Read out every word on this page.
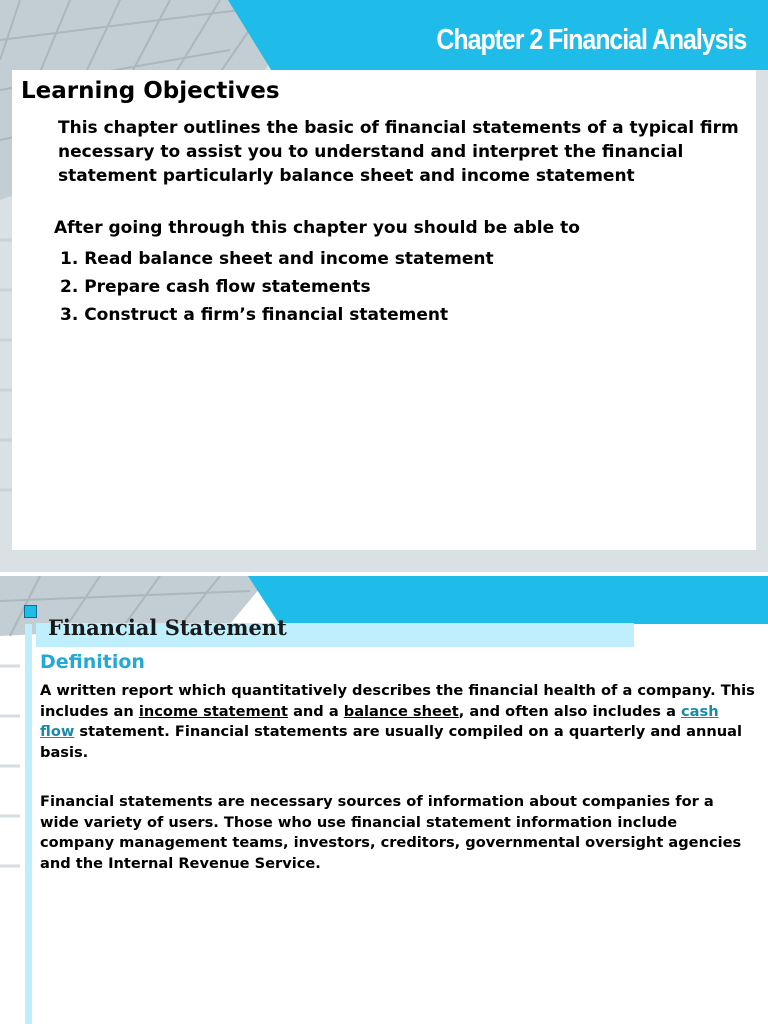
Chapter 2 Financial Analysis
Learning Objectives
This chapter outlines the basic of financial statements of a typical firm necessary to assist you to understand and interpret the financial statement particularly balance sheet and income statement
After going through this chapter you should be able to
1. Read balance sheet and income statement
2. Prepare cash flow statements
3. Construct a firm’s financial statement
Financial Statement
Definition
A written report which quantitatively describes the financial health of a company. This includes an income statement and a balance sheet, and often also includes a cash flow statement. Financial statements are usually compiled on a quarterly and annual basis.
Financial statements are necessary sources of information about companies for a wide variety of users. Those who use financial statement information include company management teams, investors, creditors, governmental oversight agencies and the Internal Revenue Service.
